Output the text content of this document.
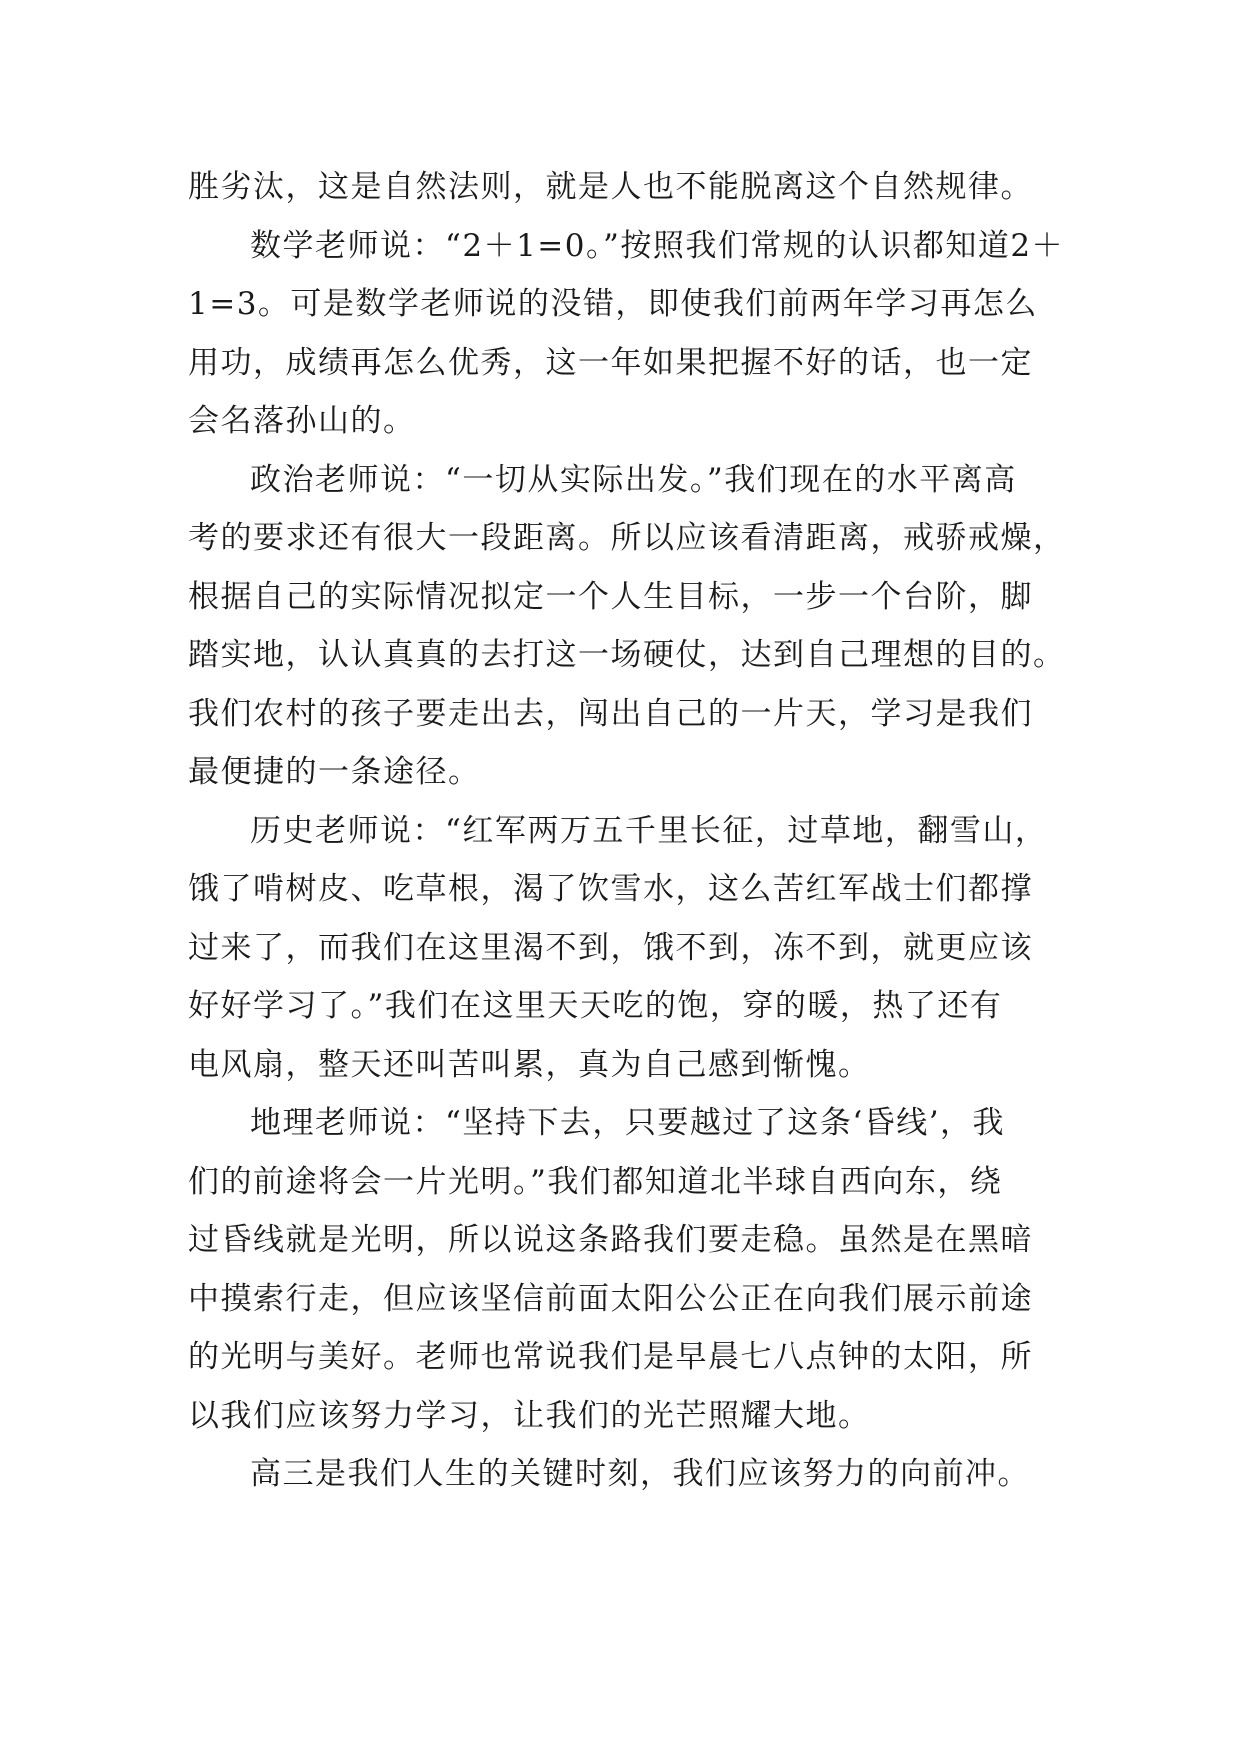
胜劣汰，这是自然法则，就是人也不能脱离这个自然规律。
数学老师说：“2＋1=0。”按照我们常规的认识都知道2＋
1=3。可是数学老师说的没错，即使我们前两年学习再怎么
用功，成绩再怎么优秀，这一年如果把握不好的话，也一定
会名落孙山的。
政治老师说：“一切从实际出发。”我们现在的水平离高
考的要求还有很大一段距离。所以应该看清距离，戒骄戒燥，
根据自己的实际情况拟定一个人生目标，一步一个台阶，脚
踏实地，认认真真的去打这一场硬仗，达到自己理想的目的。
我们农村的孩子要走出去，闯出自己的一片天，学习是我们
最便捷的一条途径。
历史老师说：“红军两万五千里长征，过草地，翻雪山，
饿了啃树皮、吃草根，渴了饮雪水，这么苦红军战士们都撑
过来了，而我们在这里渴不到，饿不到，冻不到，就更应该
好好学习了。”我们在这里天天吃的饱，穿的暖，热了还有
电风扇，整天还叫苦叫累，真为自己感到惭愧。
地理老师说：“坚持下去，只要越过了这条‘昏线’，我
们的前途将会一片光明。”我们都知道北半球自西向东，绕
过昏线就是光明，所以说这条路我们要走稳。虽然是在黑暗
中摸索行走，但应该坚信前面太阳公公正在向我们展示前途
的光明与美好。老师也常说我们是早晨七八点钟的太阳，所
以我们应该努力学习，让我们的光芒照耀大地。
高三是我们人生的关键时刻，我们应该努力的向前冲。
